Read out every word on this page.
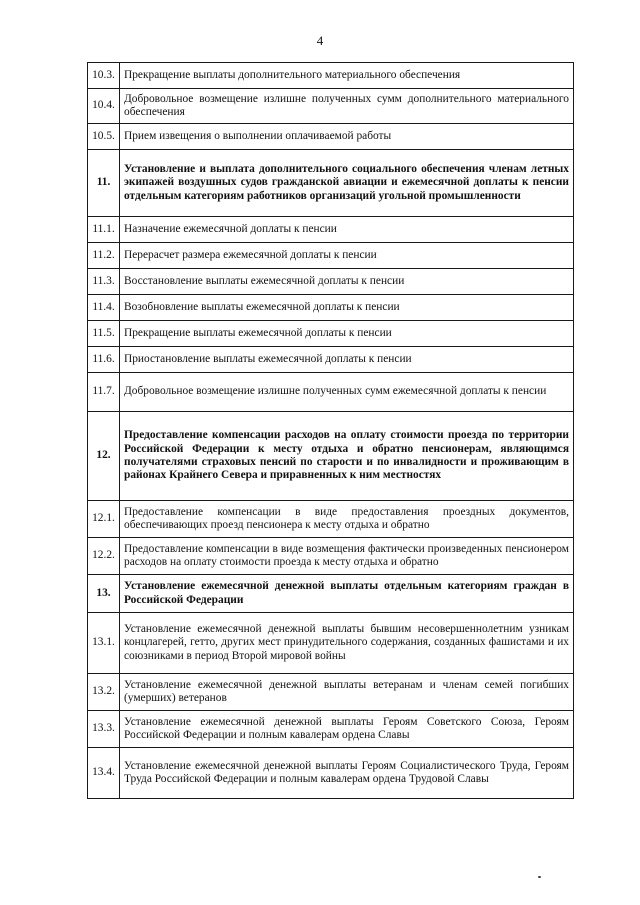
4
10.3.	Прекращение выплаты дополнительного материального обеспечения
10.4.	Добровольное возмещение излишне полученных сумм дополнительного материального обеспечения
10.5.	Прием извещения о выполнении оплачиваемой работы
11.	Установление и выплата дополнительного социального обеспечения членам летных экипажей воздушных судов гражданской авиации и ежемесячной доплаты к пенсии отдельным категориям работников организаций угольной промышленности
11.1.	Назначение ежемесячной доплаты к пенсии
11.2.	Перерасчет размера ежемесячной доплаты к пенсии
11.3.	Восстановление выплаты ежемесячной доплаты к пенсии
11.4.	Возобновление выплаты ежемесячной доплаты к пенсии
11.5.	Прекращение выплаты ежемесячной доплаты к пенсии
11.6.	Приостановление выплаты ежемесячной доплаты к пенсии
11.7.	Добровольное возмещение излишне полученных сумм ежемесячной доплаты к пенсии
12.	Предоставление компенсации расходов на оплату стоимости проезда по территории Российской Федерации к месту отдыха и обратно пенсионерам, являющимся получателями страховых пенсий по старости и по инвалидности и проживающим в районах Крайнего Севера и приравненных к ним местностях
12.1.	Предоставление компенсации в виде предоставления проездных документов, обеспечивающих проезд пенсионера к месту отдыха и обратно
12.2.	Предоставление компенсации в виде возмещения фактически произведенных пенсионером расходов на оплату стоимости проезда к месту отдыха и обратно
13.	Установление ежемесячной денежной выплаты отдельным категориям граждан в Российской Федерации
13.1.	Установление ежемесячной денежной выплаты бывшим несовершеннолетним узникам концлагерей, гетто, других мест принудительного содержания, созданных фашистами и их союзниками в период Второй мировой войны
13.2.	Установление ежемесячной денежной выплаты ветеранам и членам семей погибших (умерших) ветеранов
13.3.	Установление ежемесячной денежной выплаты Героям Советского Союза, Героям Российской Федерации и полным кавалерам ордена Славы
13.4.	Установление ежемесячной денежной выплаты Героям Социалистического Труда, Героям Труда Российской Федерации и полным кавалерам ордена Трудовой Славы
